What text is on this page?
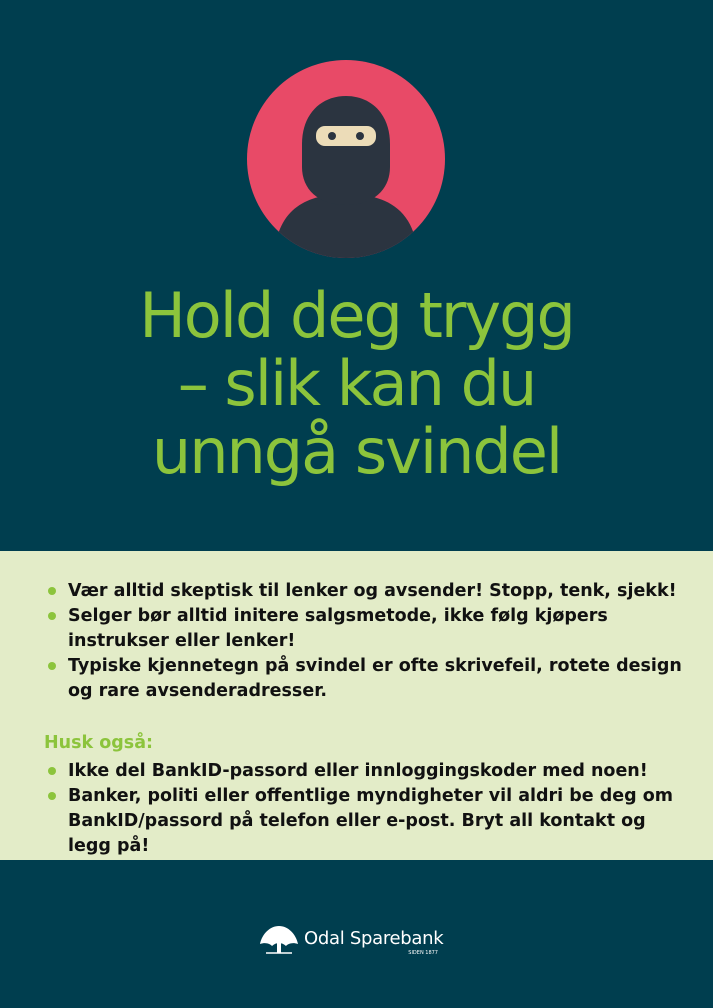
Hold deg trygg
– slik kan du
unngå svindel
Vær alltid skeptisk til lenker og avsender! Stopp, tenk, sjekk!
Selger bør alltid initere salgsmetode, ikke følg kjøpers instrukser eller lenker!
Typiske kjennetegn på svindel er ofte skrivefeil, rotete design og rare avsenderadresser.
Husk også:
Ikke del BankID-passord eller innloggingskoder med noen!
Banker, politi eller offentlige myndigheter vil aldri be deg om BankID/passord på telefon eller e-post. Bryt all kontakt og legg på!
Odal Sparebank
SIDEN 1877
